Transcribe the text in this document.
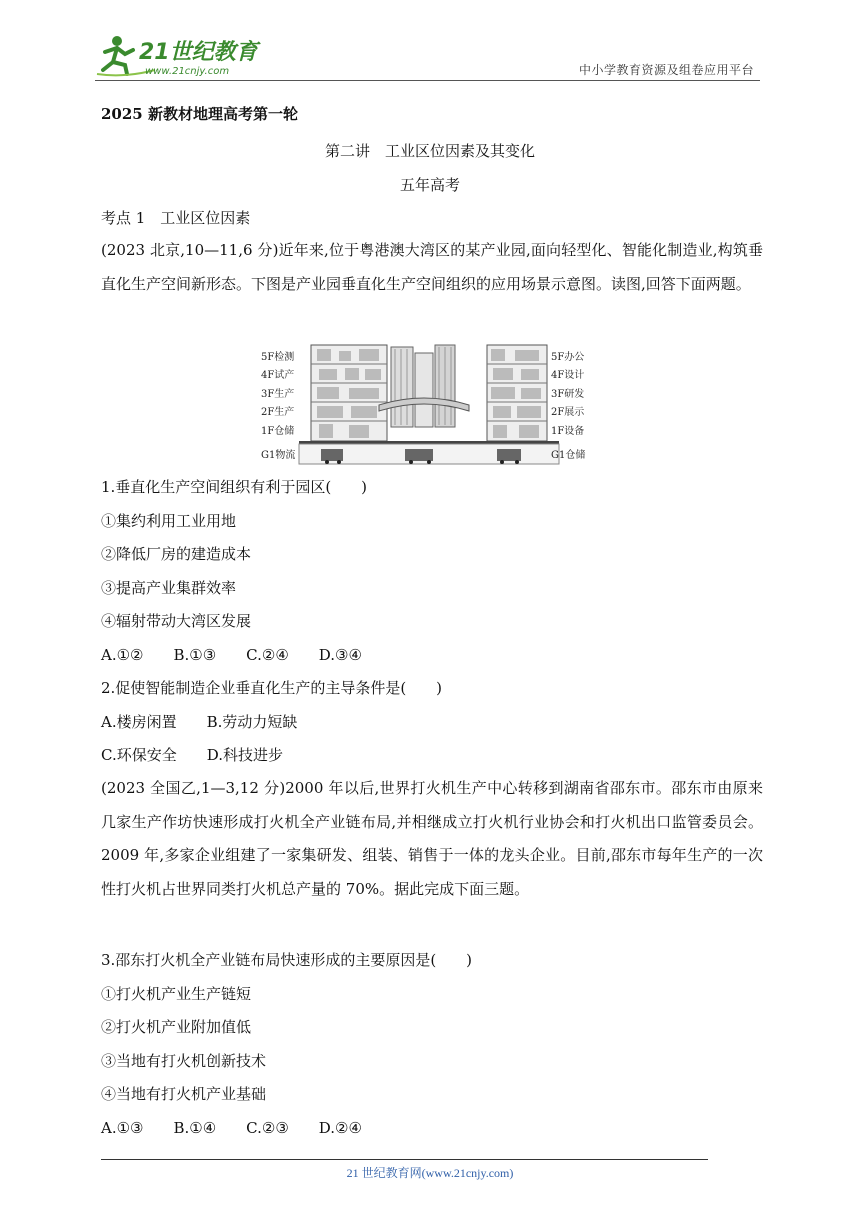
21世纪教育
www.21cnjy.com	中小学教育资源及组卷应用平台
2025 新教材地理高考第一轮
第二讲　工业区位因素及其变化
五年高考
考点 1　工业区位因素
(2023 北京,10—11,6 分)近年来,位于粤港澳大湾区的某产业园,面向轻型化、智能化制造业,构筑垂直化生产空间新形态。下图是产业园垂直化生产空间组织的应用场景示意图。读图,回答下面两题。
5F检测
4F试产
3F生产
2F生产
1F仓储
G1物流
5F办公
4F设计
3F研发
2F展示
1F设备
G1仓储
1.垂直化生产空间组织有利于园区(　　)
①集约利用工业用地
②降低厂房的建造成本
③提高产业集群效率
④辐射带动大湾区发展
A.①②　　B.①③　　C.②④　　D.③④
2.促使智能制造企业垂直化生产的主导条件是(　　)
A.楼房闲置　　B.劳动力短缺
C.环保安全　　D.科技进步
(2023 全国乙,1—3,12 分)2000 年以后,世界打火机生产中心转移到湖南省邵东市。邵东市由原来几家生产作坊快速形成打火机全产业链布局,并相继成立打火机行业协会和打火机出口监管委员会。2009 年,多家企业组建了一家集研发、组装、销售于一体的龙头企业。目前,邵东市每年生产的一次性打火机占世界同类打火机总产量的 70%。据此完成下面三题。
3.邵东打火机全产业链布局快速形成的主要原因是(　　)
①打火机产业生产链短
②打火机产业附加值低
③当地有打火机创新技术
④当地有打火机产业基础
A.①③　　B.①④　　C.②③　　D.②④
21 世纪教育网(www.21cnjy.com)
